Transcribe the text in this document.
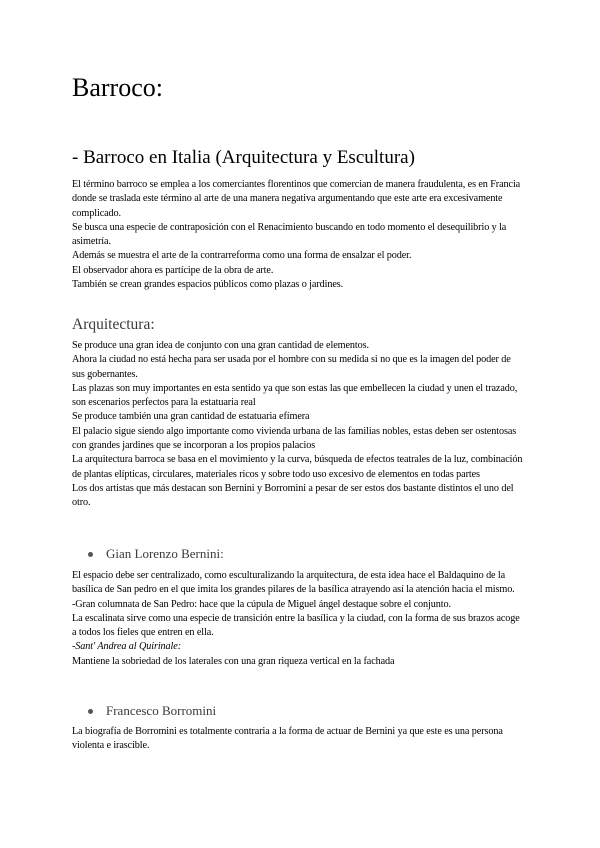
Barroco:
- Barroco en Italia (Arquitectura y Escultura)

El término barroco se emplea a los comerciantes florentinos que comercian de manera fraudulenta, es en Francia donde se traslada este término al arte de una manera negativa argumentando que este arte era excesivamente complicado.

Se busca una especie de contraposición con el Renacimiento buscando en todo momento el desequilibrio y la asimetría.

Además se muestra el arte de la contrarreforma como una forma de ensalzar el poder.

El observador ahora es partícipe de la obra de arte.

También se crean grandes espacios públicos como plazas o jardines.

Arquitectura:

Se produce una gran idea de conjunto con una gran cantidad de elementos.

Ahora la ciudad no está hecha para ser usada por el hombre con su medida si no que es la imagen del poder de sus gobernantes.

Las plazas son muy importantes en esta sentido ya que son estas las que embellecen la ciudad y unen el trazado, son escenarios perfectos para la estatuaria real

Se produce también una gran cantidad de estatuaria efímera

El palacio sigue siendo algo importante como vivienda urbana de las familias nobles, estas deben ser ostentosas con grandes jardines que se incorporan a los propios palacios

La arquitectura barroca se basa en el movimiento y la curva, búsqueda de efectos teatrales de la luz, combinación de plantas elípticas, circulares, materiales ricos y sobre todo uso excesivo de elementos en todas partes

Los dos artistas que más destacan son Bernini y Borromini a pesar de ser estos dos bastante distintos el uno del otro.

Gian Lorenzo Bernini:

El espacio debe ser centralizado, como esculturalizando la arquitectura, de esta idea hace el Baldaquino de la basílica de San pedro en el que imita los grandes pilares de la basílica atrayendo así la atención hacia el mismo.

-Gran columnata de San Pedro: hace que la cúpula de Miguel ángel destaque sobre el conjunto.

La escalinata sirve como una especie de transición entre la basílica y la ciudad, con la forma de sus brazos acoge a todos los fieles que entren en ella.

-Sant' Andrea al Quirinale:

Mantiene la sobriedad de los laterales con una gran riqueza vertical en la fachada

Francesco Borromini

La biografía de Borromini es totalmente contraria a la forma de actuar de Bernini ya que este es una persona violenta e irascible.
